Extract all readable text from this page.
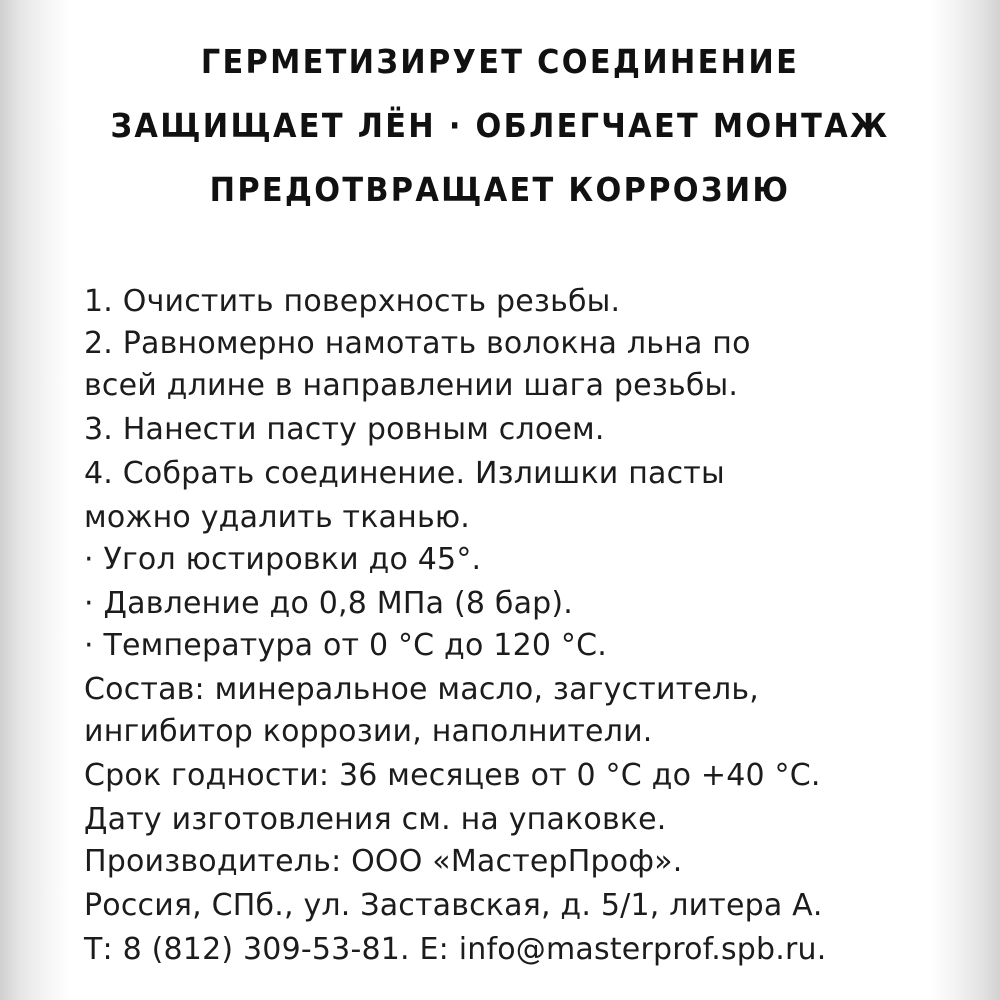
ГЕРМЕТИЗИРУЕТ СОЕДИНЕНИЕ
ЗАЩИЩАЕТ ЛЁН · ОБЛЕГЧАЕТ МОНТАЖ
ПРЕДОТВРАЩАЕТ КОРРОЗИЮ
1. Очистить поверхность резьбы.
2. Равномерно намотать волокна льна по
всей длине в направлении шага резьбы.
3. Нанести пасту ровным слоем.
4. Собрать соединение. Излишки пасты
можно удалить тканью.
· Угол юстировки до 45°.
· Давление до 0,8 МПа (8 бар).
· Температура от 0 °С до 120 °С.
Состав: минеральное масло, загуститель,
ингибитор коррозии, наполнители.
Срок годности: 36 месяцев от 0 °С до +40 °С.
Дату изготовления см. на упаковке.
Производитель: ООО «МастерПроф».
Россия, СПб., ул. Заставская, д. 5/1, литера А.
Т: 8 (812) 309-53-81. E: info@masterprof.spb.ru.
